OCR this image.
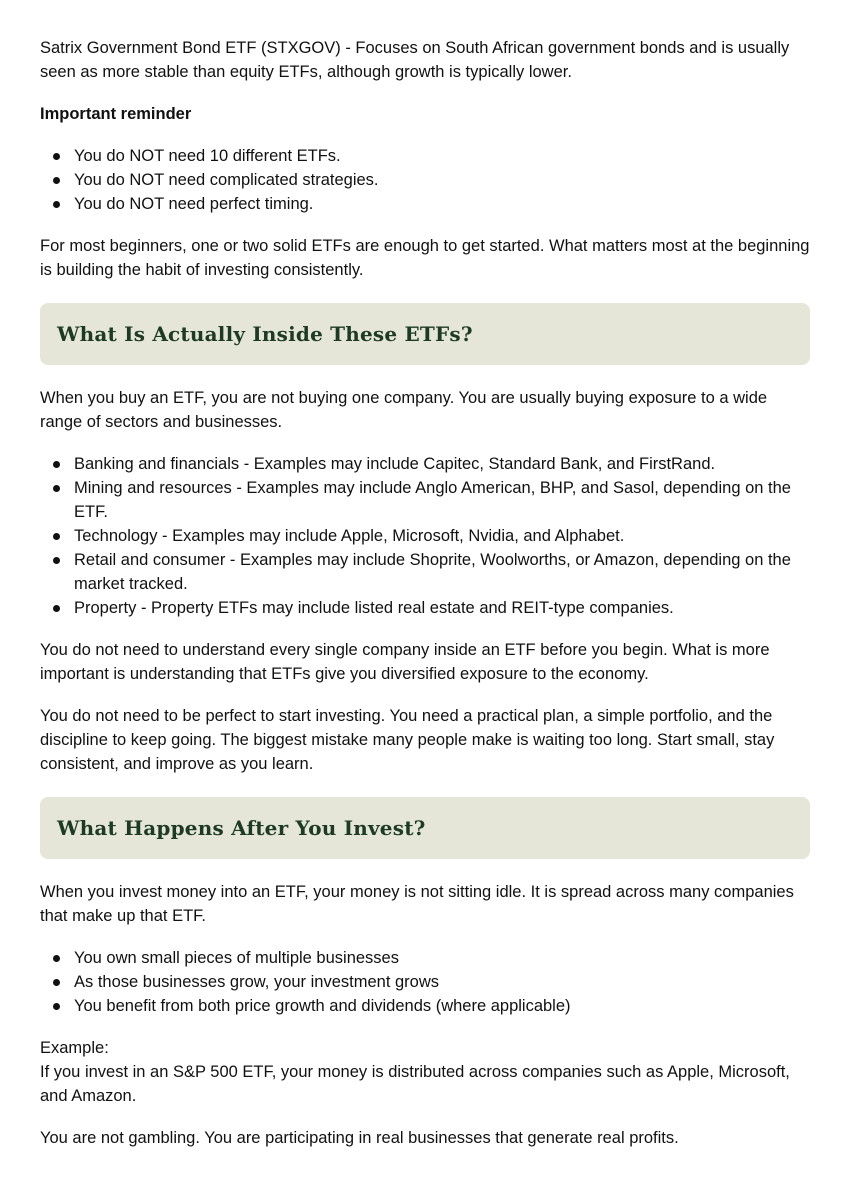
Satrix Government Bond ETF (STXGOV) - Focuses on South African government bonds and is usually seen as more stable than equity ETFs, although growth is typically lower.

Important reminder

You do NOT need 10 different ETFs.
You do NOT need complicated strategies.
You do NOT need perfect timing.

For most beginners, one or two solid ETFs are enough to get started. What matters most at the beginning is building the habit of investing consistently.

What Is Actually Inside These ETFs?

When you buy an ETF, you are not buying one company. You are usually buying exposure to a wide range of sectors and businesses.

Banking and financials - Examples may include Capitec, Standard Bank, and FirstRand.
Mining and resources - Examples may include Anglo American, BHP, and Sasol, depending on the ETF.
Technology - Examples may include Apple, Microsoft, Nvidia, and Alphabet.
Retail and consumer - Examples may include Shoprite, Woolworths, or Amazon, depending on the market tracked.
Property - Property ETFs may include listed real estate and REIT-type companies.

You do not need to understand every single company inside an ETF before you begin. What is more important is understanding that ETFs give you diversified exposure to the economy.

You do not need to be perfect to start investing. You need a practical plan, a simple portfolio, and the discipline to keep going. The biggest mistake many people make is waiting too long. Start small, stay consistent, and improve as you learn.

What Happens After You Invest?

When you invest money into an ETF, your money is not sitting idle. It is spread across many companies that make up that ETF.

You own small pieces of multiple businesses
As those businesses grow, your investment grows
You benefit from both price growth and dividends (where applicable)

Example:

If you invest in an S&P 500 ETF, your money is distributed across companies such as Apple, Microsoft, and Amazon.

You are not gambling. You are participating in real businesses that generate real profits.
